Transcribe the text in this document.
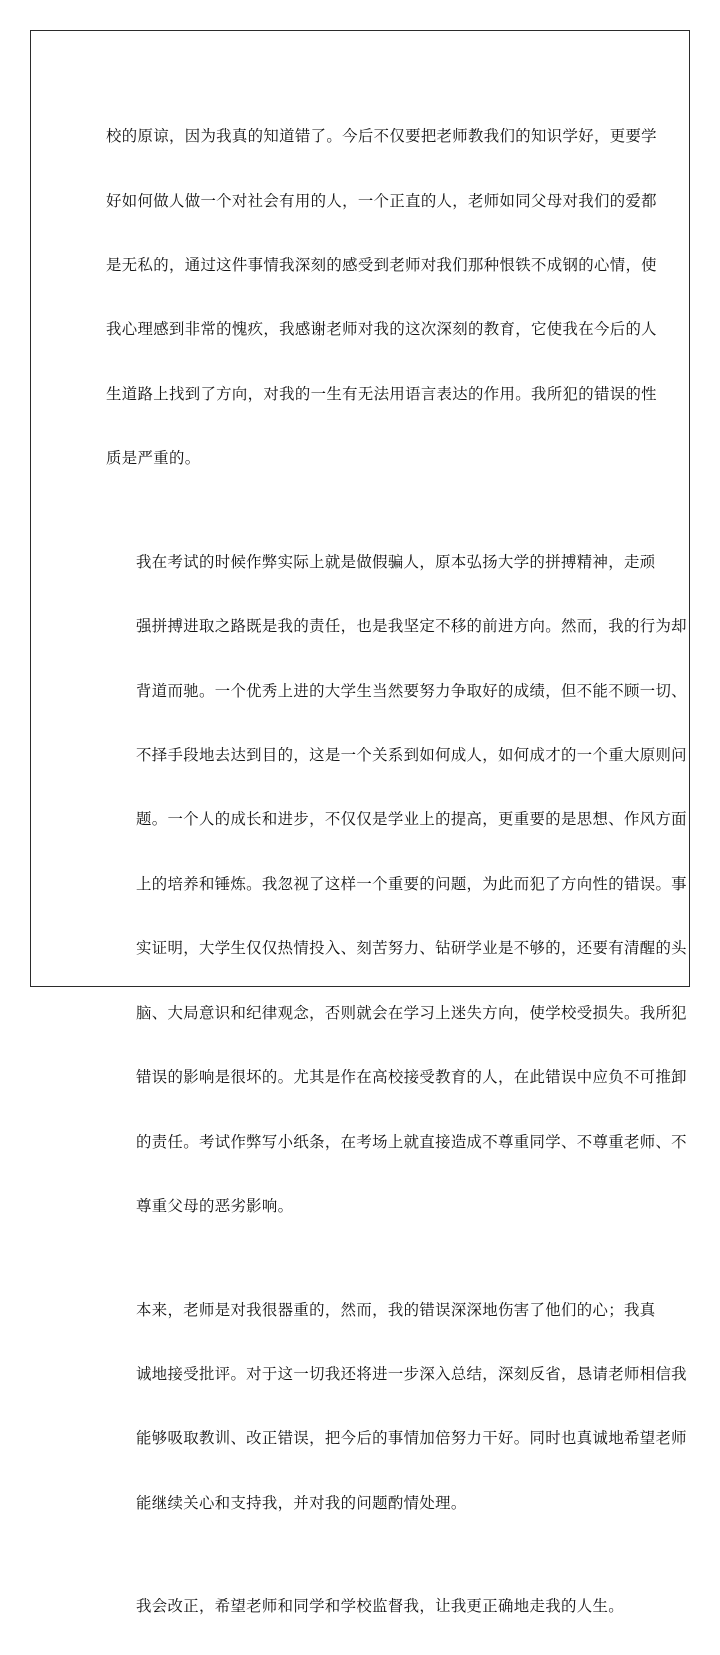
校的原谅，因为我真的知道错了。今后不仅要把老师教我们的知识学好，更要学

好如何做人做一个对社会有用的人，一个正直的人，老师如同父母对我们的爱都

是无私的，通过这件事情我深刻的感受到老师对我们那种恨铁不成钢的心情，使

我心理感到非常的愧疚，我感谢老师对我的这次深刻的教育，它使我在今后的人

生道路上找到了方向，对我的一生有无法用语言表达的作用。我所犯的错误的性

质是严重的。

我在考试的时候作弊实际上就是做假骗人，原本弘扬大学的拼搏精神，走顽

强拼搏进取之路既是我的责任，也是我坚定不移的前进方向。然而，我的行为却

背道而驰。一个优秀上进的大学生当然要努力争取好的成绩，但不能不顾一切、

不择手段地去达到目的，这是一个关系到如何成人，如何成才的一个重大原则问

题。一个人的成长和进步，不仅仅是学业上的提高，更重要的是思想、作风方面

上的培养和锤炼。我忽视了这样一个重要的问题，为此而犯了方向性的错误。事

实证明，大学生仅仅热情投入、刻苦努力、钻研学业是不够的，还要有清醒的头

脑、大局意识和纪律观念，否则就会在学习上迷失方向，使学校受损失。我所犯

错误的影响是很坏的。尤其是作在高校接受教育的人，在此错误中应负不可推卸

的责任。考试作弊写小纸条，在考场上就直接造成不尊重同学、不尊重老师、不

尊重父母的恶劣影响。

本来，老师是对我很器重的，然而，我的错误深深地伤害了他们的心；我真

诚地接受批评。对于这一切我还将进一步深入总结，深刻反省，恳请老师相信我

能够吸取教训、改正错误，把今后的事情加倍努力干好。同时也真诚地希望老师

能继续关心和支持我，并对我的问题酌情处理。

我会改正，希望老师和同学和学校监督我，让我更正确地走我的人生。
